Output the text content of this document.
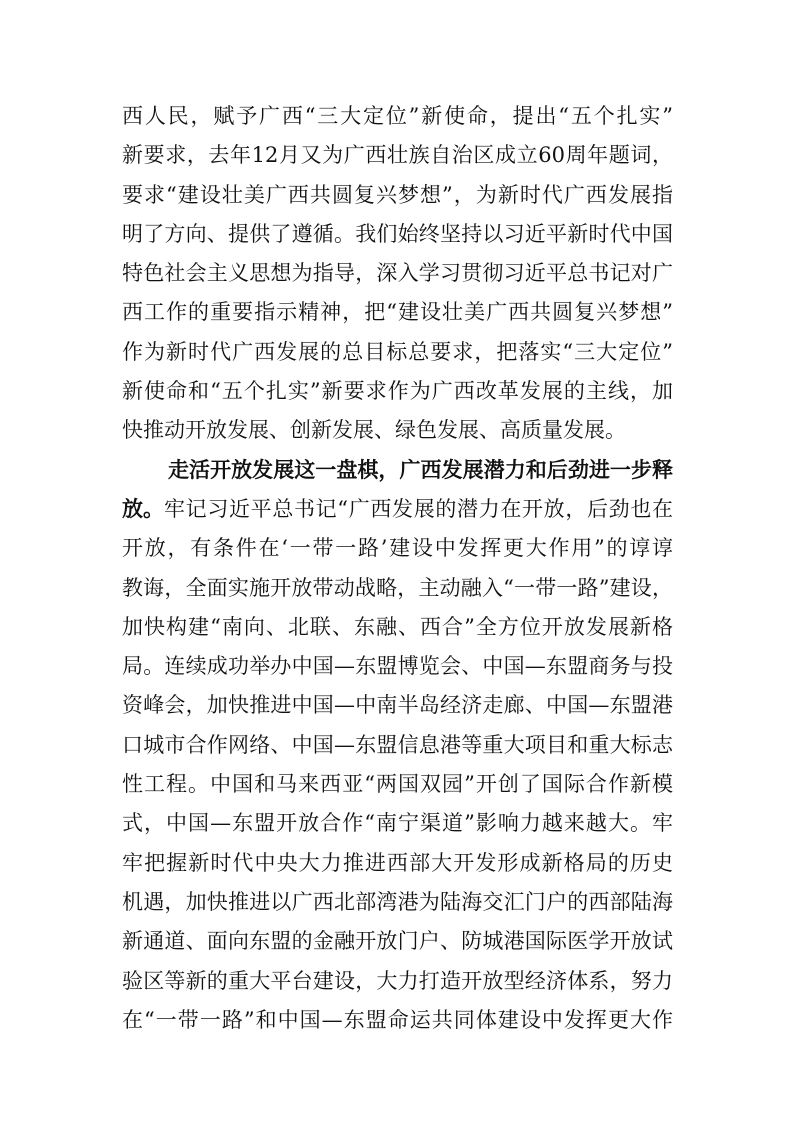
西人民，赋予广西“三大定位”新使命，提出“五个扎实”
新要求，去年12月又为广西壮族自治区成立60周年题词，
要求“建设壮美广西共圆复兴梦想”，为新时代广西发展指
明了方向、提供了遵循。我们始终坚持以习近平新时代中国
特色社会主义思想为指导，深入学习贯彻习近平总书记对广
西工作的重要指示精神，把“建设壮美广西共圆复兴梦想”
作为新时代广西发展的总目标总要求，把落实“三大定位”
新使命和“五个扎实”新要求作为广西改革发展的主线，加
快推动开放发展、创新发展、绿色发展、高质量发展。
走活开放发展这一盘棋，广西发展潜力和后劲进一步释
放。 牢记习近平总书记“广西发展的潜力在开放，后劲也在
开放，有条件在‘一带一路’建设中发挥更大作用”的谆谆
教诲，全面实施开放带动战略，主动融入“一带一路”建设，
加快构建“南向、北联、东融、西合”全方位开放发展新格
局。连续成功举办中国—东盟博览会、中国—东盟商务与投
资峰会，加快推进中国—中南半岛经济走廊、中国—东盟港
口城市合作网络、中国—东盟信息港等重大项目和重大标志
性工程。中国和马来西亚“两国双园”开创了国际合作新模
式，中国—东盟开放合作“南宁渠道”影响力越来越大。牢
牢把握新时代中央大力推进西部大开发形成新格局的历史
机遇，加快推进以广西北部湾港为陆海交汇门户的西部陆海
新通道、面向东盟的金融开放门户、防城港国际医学开放试
验区等新的重大平台建设，大力打造开放型经济体系，努力
在“一带一路”和中国—东盟命运共同体建设中发挥更大作
